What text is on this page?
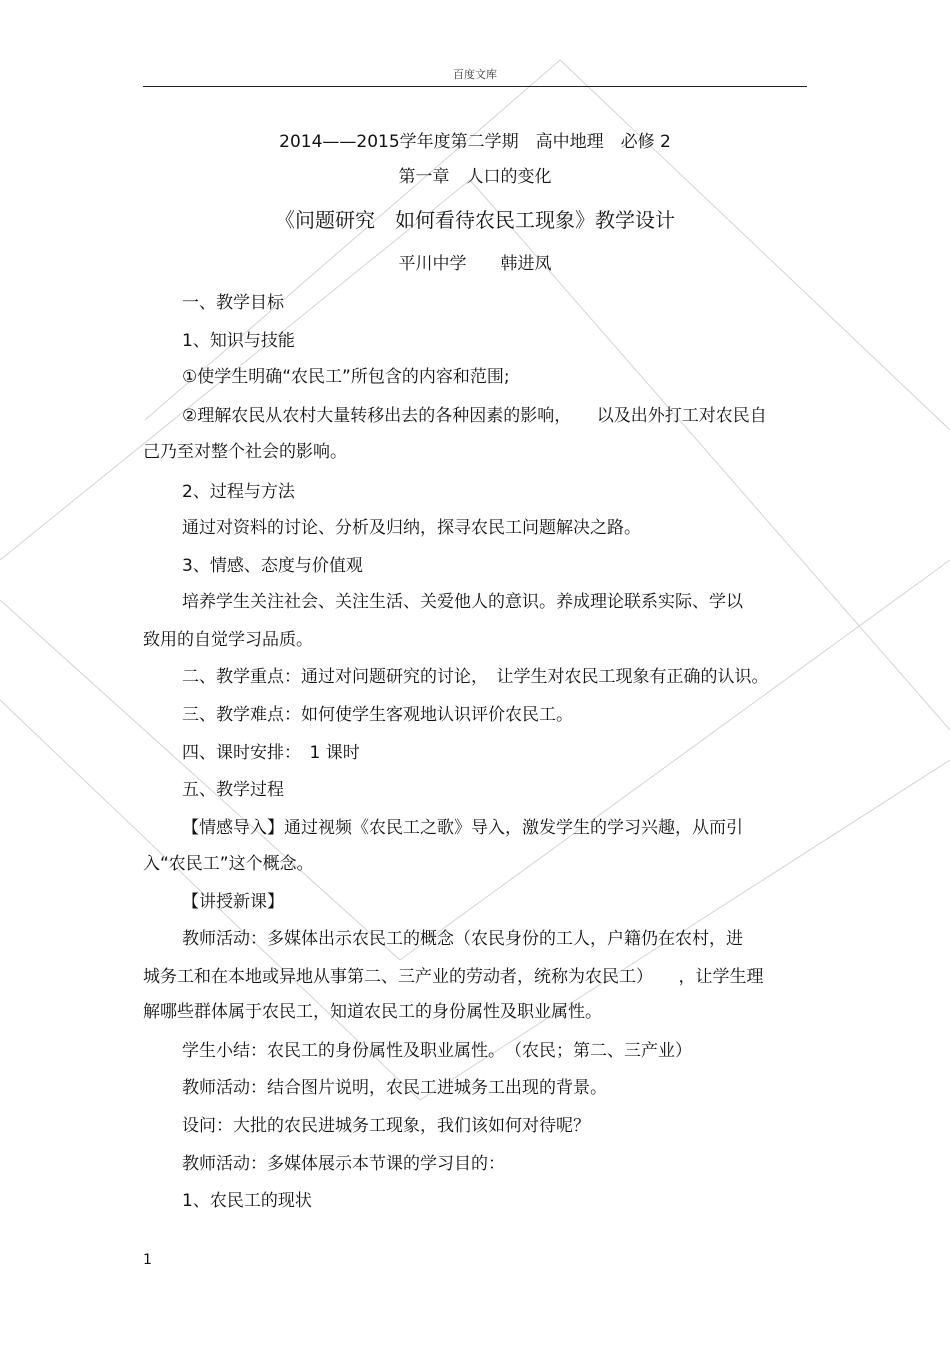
百度文库
2014——2015学年度第二学期　高中地理　必修 2
第一章　人口的变化
《问题研究　如何看待农民工现象》教学设计
平川中学　　韩进凤
一、教学目标
1、知识与技能
①使学生明确“农民工”所包含的内容和范围;
②理解农民从农村大量转移出去的各种因素的影响，　　以及出外打工对农民自
己乃至对整个社会的影响。
2、过程与方法
通过对资料的讨论、分析及归纳，探寻农民工问题解决之路。
3、情感、态度与价值观
培养学生关注社会、关注生活、关爱他人的意识。养成理论联系实际、学以
致用的自觉学习品质。
二、教学重点：通过对问题研究的讨论，　让学生对农民工现象有正确的认识。
三、教学难点：如何使学生客观地认识评价农民工。
四、课时安排：　1 课时
五、教学过程
【情感导入】通过视频《农民工之歌》导入，激发学生的学习兴趣，从而引
入“农民工”这个概念。
【讲授新课】
教师活动：多媒体出示农民工的概念（农民身份的工人，户籍仍在农村，进
城务工和在本地或异地从事第二、三产业的劳动者，统称为农民工）　　，让学生理
解哪些群体属于农民工，知道农民工的身份属性及职业属性。
学生小结：农民工的身份属性及职业属性。　（农民；第二、三产业）
教师活动：结合图片说明，农民工进城务工出现的背景。
设问：大批的农民进城务工现象，我们该如何对待呢？
教师活动：多媒体展示本节课的学习目的：
1、农民工的现状
1
